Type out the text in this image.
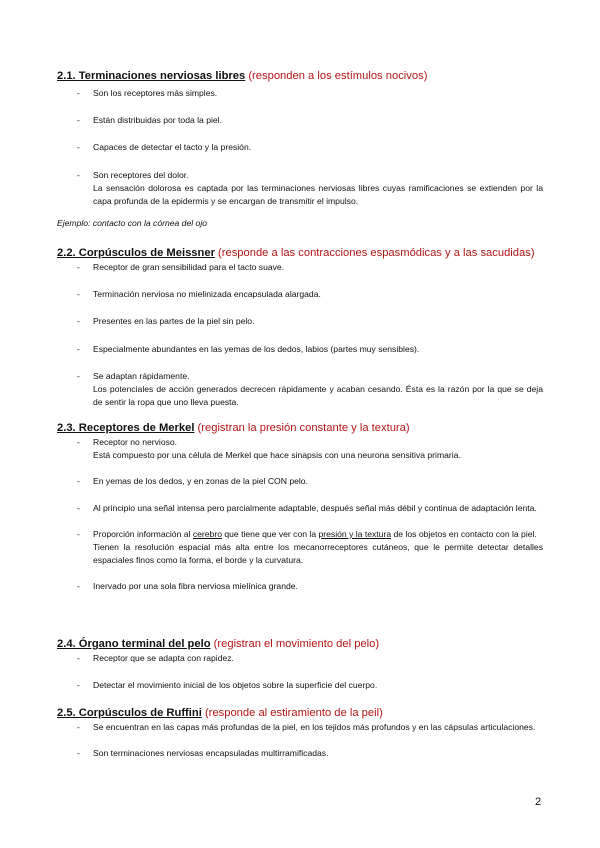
2.1. Terminaciones nerviosas libres (responden a los estímulos nocivos)
- Son los receptores más simples.
- Están distribuidas por toda la piel.
- Capaces de detectar el tacto y la presión.
- Son receptores del dolor.
La sensación dolorosa es captada por las terminaciones nerviosas libres cuyas ramificaciones se extienden por la capa profunda de la epidermis y se encargan de transmitir el impulso.
Ejemplo: contacto con la córnea del ojo
2.2. Corpúsculos de Meissner (responde a las contracciones espasmódicas y a las sacudidas)
- Receptor de gran sensibilidad para el tacto suave.
- Terminación nerviosa no mielinizada encapsulada alargada.
- Presentes en las partes de la piel sin pelo.
- Especialmente abundantes en las yemas de los dedos, labios (partes muy sensibles).
- Se adaptan rápidamente.
Los potenciales de acción generados decrecen rápidamente y acaban cesando. Ésta es la razón por la que se deja de sentir la ropa que uno lleva puesta.
2.3. Receptores de Merkel (registran la presión constante y la textura)
- Receptor no nervioso.
Está compuesto por una célula de Merkel que hace sinapsis con una neurona sensitiva primaria.
- En yemas de los dedos, y en zonas de la piel CON pelo.
- Al principio una señal intensa pero parcialmente adaptable, después señal más débil y continua de adaptación lenta.
- Proporción información al cerebro que tiene que ver con la presión y la textura de los objetos en contacto con la piel.
Tienen la resolución espacial más alta entre los mecanorreceptores cutáneos, que le permite detectar detalles espaciales finos como la forma, el borde y la curvatura.
- Inervado por una sola fibra nerviosa mielínica grande.
2.4. Órgano terminal del pelo (registran el movimiento del pelo)
- Receptor que se adapta con rapidez.
- Detectar el movimiento inicial de los objetos sobre la superficie del cuerpo.
2.5. Corpúsculos de Ruffini (responde al estiramiento de la peil)
- Se encuentran en las capas más profundas de la piel, en los tejidos más profundos y en las cápsulas articulaciones.
- Son terminaciones nerviosas encapsuladas multirramificadas.
2
